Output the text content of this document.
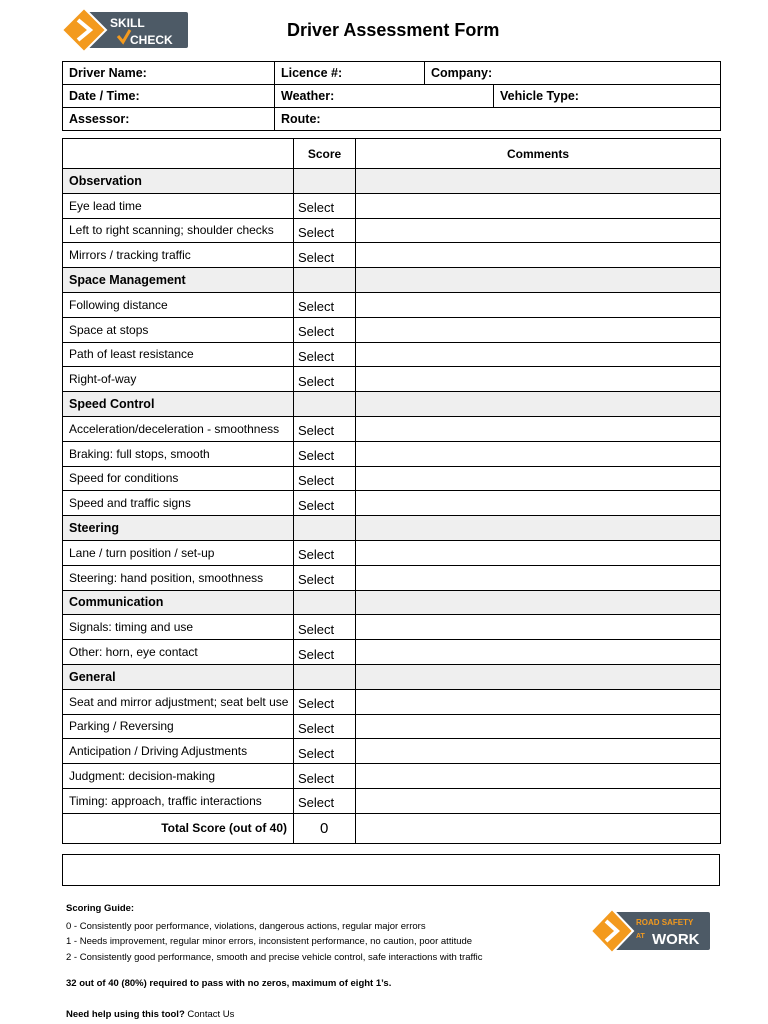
SKILL
CHECK	Driver Assessment Form
Driver Name:	Licence #:	Company:	
Date / Time:	Weather:		Vehicle Type:
Assessor:	Route:		
	Score	Comments
Observation		
Eye lead time	Select	
Left to right scanning; shoulder checks	Select	
Mirrors / tracking traffic	Select	
Space Management		
Following distance	Select	
Space at stops	Select	
Path of least resistance	Select	
Right-of-way	Select	
Speed Control		
Acceleration/deceleration - smoothness	Select	
Braking: full stops, smooth	Select	
Speed for conditions	Select	
Speed and traffic signs	Select	
Steering		
Lane / turn position / set-up	Select	
Steering: hand position, smoothness	Select	
Communication		
Signals: timing and use	Select	
Other: horn, eye contact	Select	
General		
Seat and mirror adjustment; seat belt use	Select	
Parking / Reversing	Select	
Anticipation / Driving Adjustments	Select	
Judgment: decision-making	Select	
Timing: approach, traffic interactions	Select	
Total Score (out of 40)	0	

Scoring Guide:

0 - Consistently poor performance, violations, dangerous actions, regular major errors

1 - Needs improvement, regular minor errors, inconsistent performance, no caution, poor attitude

2 - Consistently good performance, smooth and precise vehicle control, safe interactions with traffic

32 out of 40 (80%) required to pass with no zeros, maximum of eight 1’s.
Need help using this tool? Contact Us
ROAD SAFETY
AT WORK
